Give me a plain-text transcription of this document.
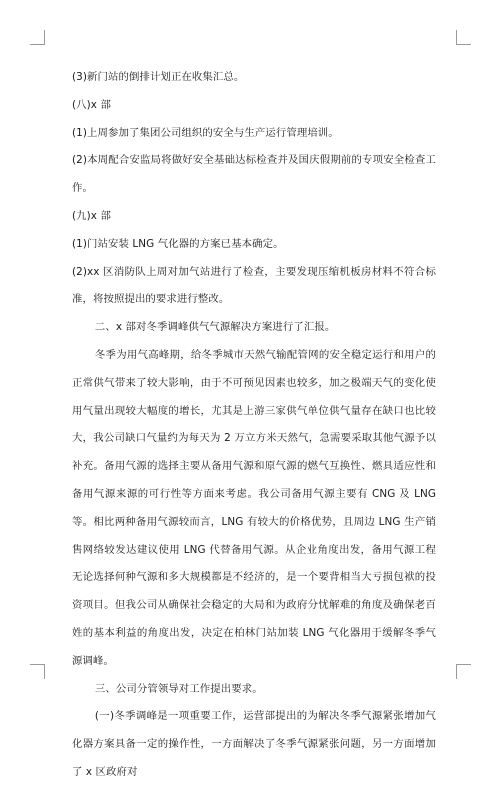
(3)新门站的倒排计划正在收集汇总。

(八)x 部

(1)上周参加了集团公司组织的安全与生产运行管理培训。

(2)本周配合安监局将做好安全基础达标检查并及国庆假期前的专项安全检查工作。

(九)x 部

(1)门站安装 LNG 气化器的方案已基本确定。

(2)xx 区消防队上周对加气站进行了检查，主要发现压缩机板房材料不符合标准，将按照提出的要求进行整改。

二、x 部对冬季调峰供气气源解决方案进行了汇报。

冬季为用气高峰期，给冬季城市天然气输配管网的安全稳定运行和用户的正常供气带来了较大影响，由于不可预见因素也较多，加之极端天气的变化使用气量出现较大幅度的增长，尤其是上游三家供气单位供气量存在缺口也比较大，我公司缺口气量约为每天为 2 万立方米天然气，急需要采取其他气源予以补充。备用气源的选择主要从备用气源和原气源的燃气互换性、燃具适应性和备用气源来源的可行性等方面来考虑。我公司备用气源主要有 CNG 及 LNG 等。相比两种备用气源较而言，LNG 有较大的价格优势，且周边 LNG 生产销售网络较发达建议使用 LNG 代替备用气源。从企业角度出发，备用气源工程无论选择何种气源和多大规模都是不经济的，是一个要背相当大亏损包袱的投资项目。但我公司从确保社会稳定的大局和为政府分忧解难的角度及确保老百姓的基本利益的角度出发，决定在柏林门站加装 LNG 气化器用于缓解冬季气源调峰。

三、公司分管领导对工作提出要求。

(一)冬季调峰是一项重要工作，运营部提出的为解决冬季气源紧张增加气化器方案具备一定的操作性，一方面解决了冬季气源紧张问题，另一方面增加了 x 区政府对
